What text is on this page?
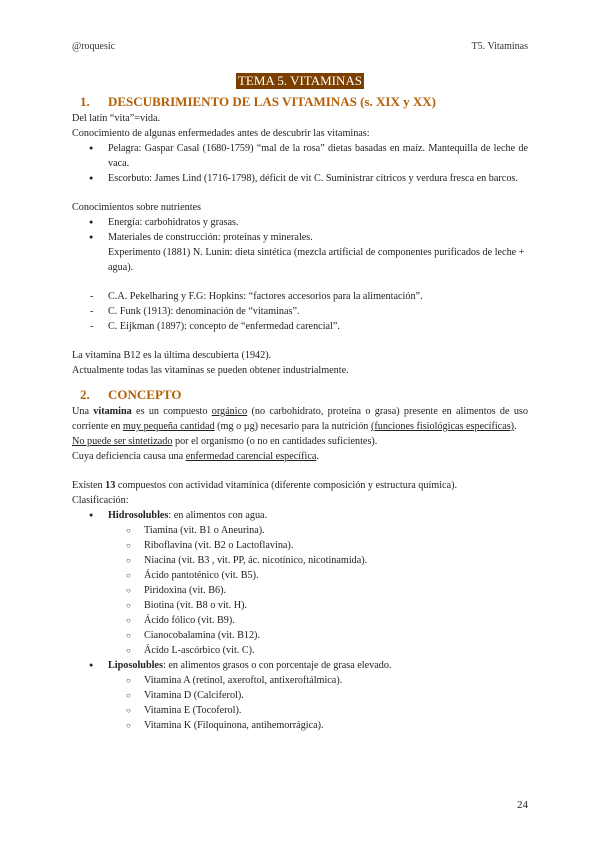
@roquesic	T5. Vitaminas
TEMA 5. VITAMINAS
1. DESCUBRIMIENTO DE LAS VITAMINAS (s. XIX y XX)

Del latín “vita”=vida.

Conocimiento de algunas enfermedades antes de descubrir las vitaminas:

● Pelagra: Gaspar Casal (1680-1759) “mal de la rosa” dietas basadas en maíz. Mantequilla de leche de vaca.
● Escorbuto: James Lind (1716-1798), déficit de vit C. Suministrar cítricos y verdura fresca en barcos.

Conocimientos sobre nutrientes

● Energía: carbohidratos y grasas.
● Materiales de construcción: proteínas y minerales.
Experimento (1881) N. Lunin: dieta sintética (mezcla artificial de componentes purificados de leche + agua).
- C.A. Pekelharing y F.G: Hopkins: “factores accesorios para la alimentación”.
- C. Funk (1913): denominación de “vitaminas”.
- C. Eijkman (1897): concepto de “enfermedad carencial”.

La vitamina B12 es la última descubierta (1942).

Actualmente todas las vitaminas se pueden obtener industrialmente.

2. CONCEPTO

Una vitamina es un compuesto orgánico (no carbohidrato, proteína o grasa) presente en alimentos de uso corriente en muy pequeña cantidad (mg o µg) necesario para la nutrición (funciones fisiológicas específicas).

No puede ser sintetizado por el organismo (o no en cantidades suficientes).

Cuya deficiencia causa una enfermedad carencial específica.

Existen 13 compuestos con actividad vitamínica (diferente composición y estructura química).

Clasificación:

● Hidrosolubles: en alimentos con agua.
○ Tiamina (vit. B1 o Aneurina).
○ Riboflavina (vit. B2 o Lactoflavina).
○ Niacina (vit. B3 , vit. PP, ác. nicotínico, nicotinamida).
○ Ácido pantoténico (vit. B5).
○ Piridoxina (vit. B6).
○ Biotina (vit. B8 o vit. H).
○ Ácido fólico (vit. B9).
○ Cianocobalamina (vit. B12).
○ Ácido L-ascórbico (vit. C).
● Liposolubles: en alimentos grasos o con porcentaje de grasa elevado.
○ Vitamina A (retinol, axeroftol, antixeroftálmica).
○ Vitamina D (Calciferol).
○ Vitamina E (Tocoferol).
○ Vitamina K (Filoquinona, antihemorrágica).
24
